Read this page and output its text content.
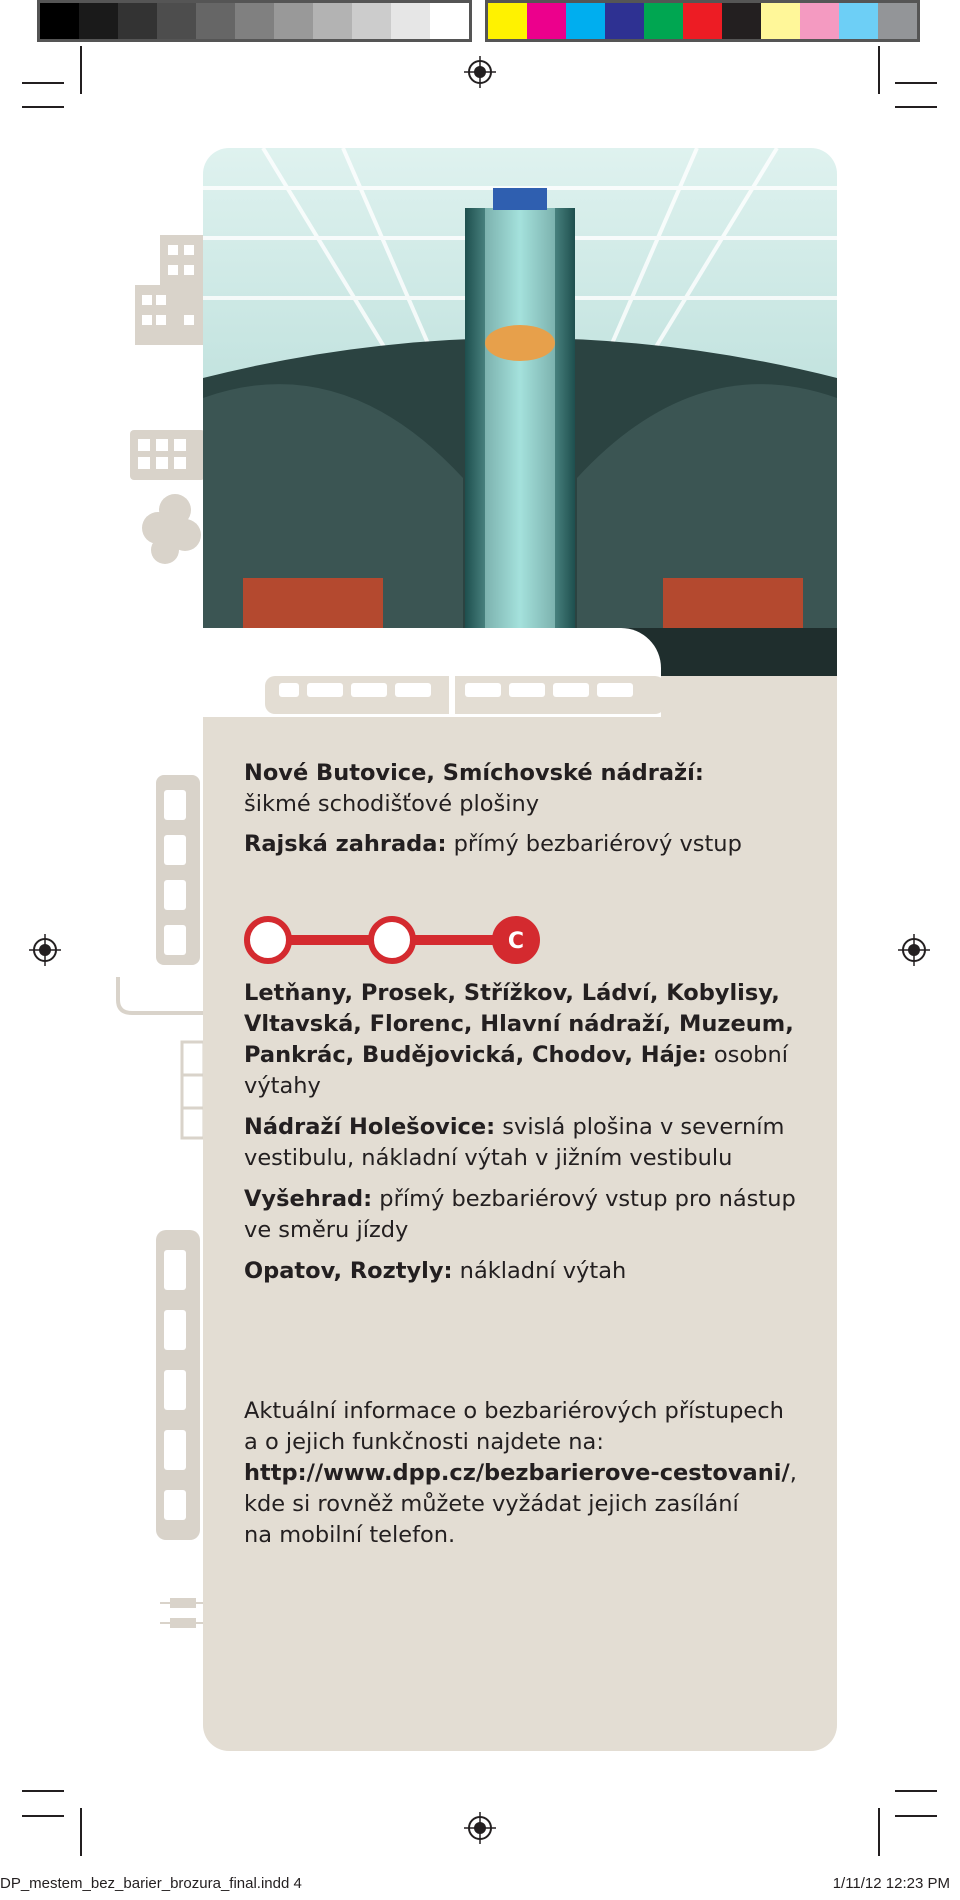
Nové Butovice, Smíchovské nádraží:
šikmé schodišťové plošiny
Rajská zahrada: přímý bezbariérový vstup
C
Letňany, Prosek, Střížkov, Ládví, Kobylisy,
Vltavská, Florenc, Hlavní nádraží, Muzeum,
Pankrác, Budějovická, Chodov, Háje: osobní
výtahy
Nádraží Holešovice: svislá plošina v severním
vestibulu, nákladní výtah v jižním vestibulu
Vyšehrad: přímý bezbariérový vstup pro nástup
ve směru jízdy
Opatov, Roztyly: nákladní výtah
Aktuální informace o bezbariérových přístupech
a o jejich funkčnosti najdete na:
http://www.dpp.cz/bezbarierove-cestovani/,
kde si rovněž můžete vyžádat jejich zasílání
na mobilní telefon.
DP_mestem_bez_barier_brozura_final.indd 4	1/11/12 12:23 PM
